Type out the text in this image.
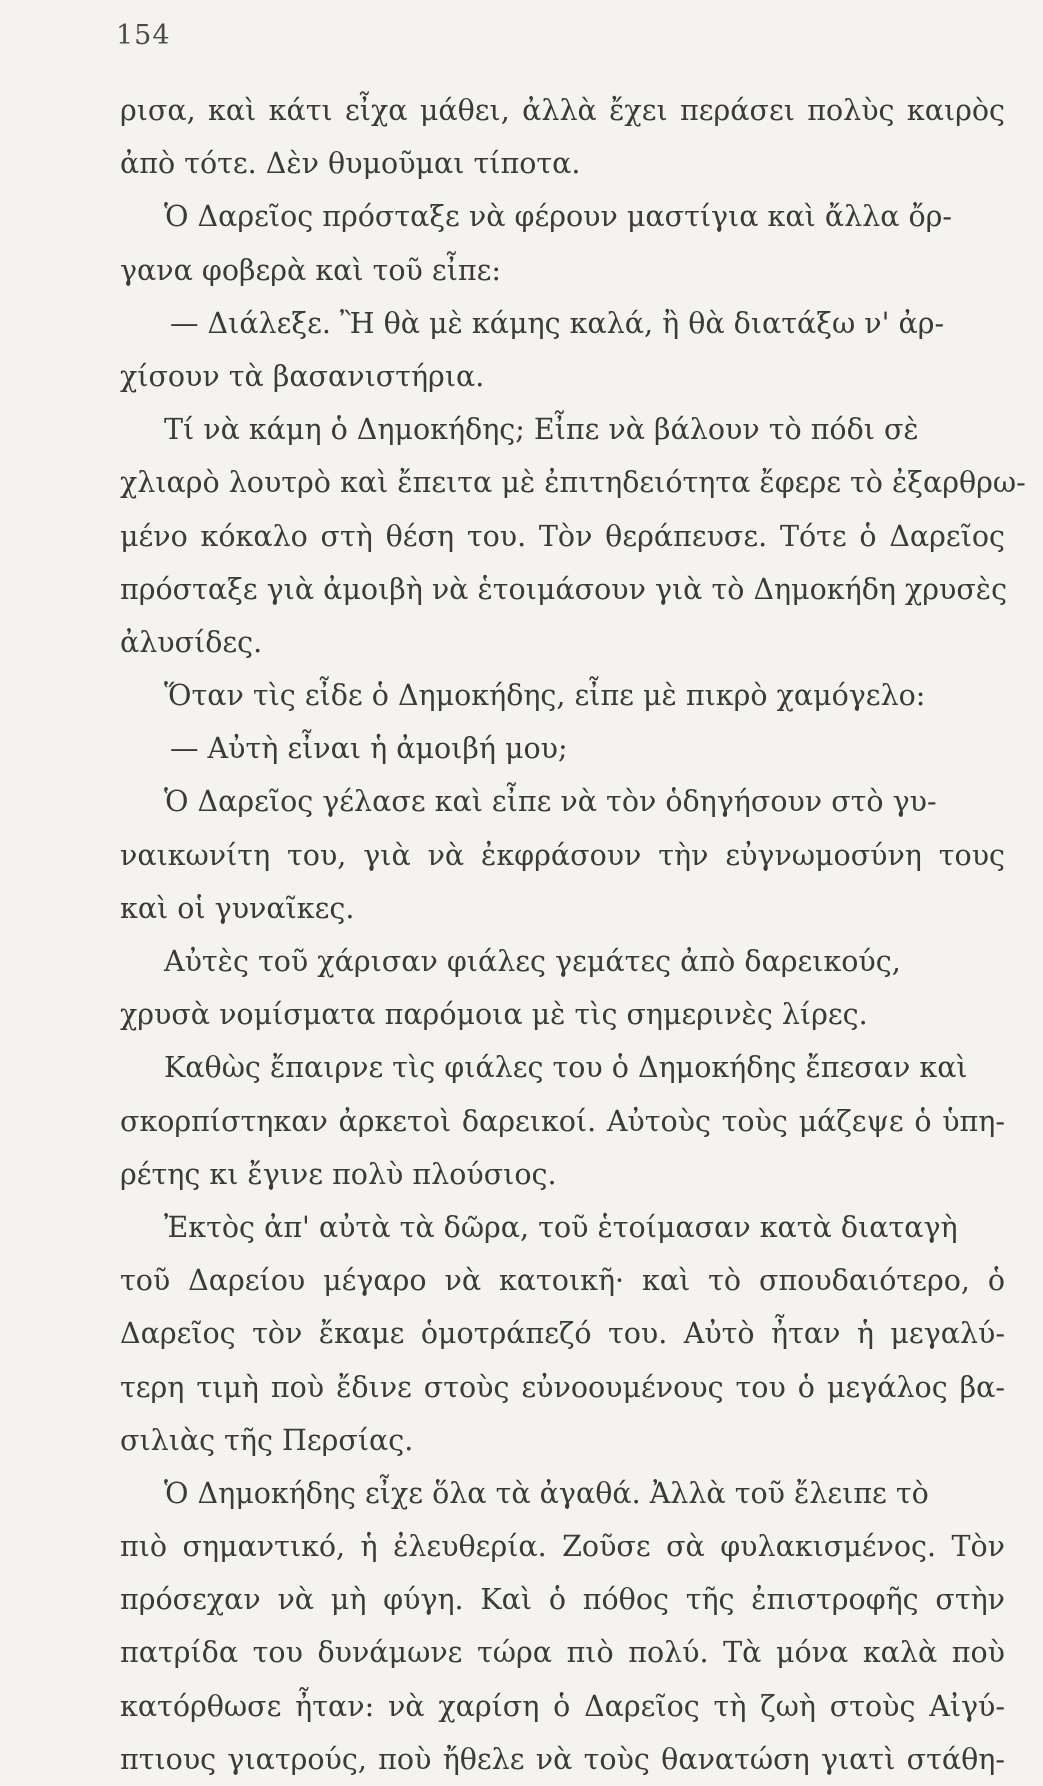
154
ρισα, καὶ κάτι εἶχα μάθει, ἀλλὰ ἔχει περάσει πολὺς καιρὸς
ἀπὸ τότε. Δὲν θυμοῦμαι τίποτα.
Ὁ Δαρεῖος πρόσταξε νὰ φέρουν μαστίγια καὶ ἄλλα ὄρ-
γανα φοβερὰ καὶ τοῦ εἶπε:
— Διάλεξε. Ἢ θὰ μὲ κάμης καλά, ἢ θὰ διατάξω ν' ἀρ-
χίσουν τὰ βασανιστήρια.
Τί νὰ κάμη ὁ Δημοκήδης; Εἶπε νὰ βάλουν τὸ πόδι σὲ
χλιαρὸ λουτρὸ καὶ ἔπειτα μὲ ἐπιτηδειότητα ἔφερε τὸ ἐξαρθρω-
μένο κόκαλο στὴ θέση του. Τὸν θεράπευσε. Τότε ὁ Δαρεῖος
πρόσταξε γιὰ ἀμοιβὴ νὰ ἑτοιμάσουν γιὰ τὸ Δημοκήδη χρυσὲς
ἀλυσίδες.
Ὅταν τὶς εἶδε ὁ Δημοκήδης, εἶπε μὲ πικρὸ χαμόγελο:
— Αὐτὴ εἶναι ἡ ἀμοιβή μου;
Ὁ Δαρεῖος γέλασε καὶ εἶπε νὰ τὸν ὁδηγήσουν στὸ γυ-
ναικωνίτη του, γιὰ νὰ ἐκφράσουν τὴν εὐγνωμοσύνη τους
καὶ οἱ γυναῖκες.
Αὐτὲς τοῦ χάρισαν φιάλες γεμάτες ἀπὸ δαρεικούς,
χρυσὰ νομίσματα παρόμοια μὲ τὶς σημερινὲς λίρες.
Καθὼς ἔπαιρνε τὶς φιάλες του ὁ Δημοκήδης ἔπεσαν καὶ
σκορπίστηκαν ἀρκετοὶ δαρεικοί. Αὐτοὺς τοὺς μάζεψε ὁ ὑπη-
ρέτης κι ἔγινε πολὺ πλούσιος.
Ἐκτὸς ἀπ' αὐτὰ τὰ δῶρα, τοῦ ἑτοίμασαν κατὰ διαταγὴ
τοῦ Δαρείου μέγαρο νὰ κατοικῆ· καὶ τὸ σπουδαιότερο, ὁ
Δαρεῖος τὸν ἔκαμε ὁμοτράπεζό του. Αὐτὸ ἦταν ἡ μεγαλύ-
τερη τιμὴ ποὺ ἔδινε στοὺς εὐνοουμένους του ὁ μεγάλος βα-
σιλιὰς τῆς Περσίας.
Ὁ Δημοκήδης εἶχε ὅλα τὰ ἀγαθά. Ἀλλὰ τοῦ ἔλειπε τὸ
πιὸ σημαντικό, ἡ ἐλευθερία. Ζοῦσε σὰ φυλακισμένος. Τὸν
πρόσεχαν νὰ μὴ φύγη. Καὶ ὁ πόθος τῆς ἐπιστροφῆς στὴν
πατρίδα του δυνάμωνε τώρα πιὸ πολύ. Τὰ μόνα καλὰ ποὺ
κατόρθωσε ἦταν: νὰ χαρίση ὁ Δαρεῖος τὴ ζωὴ στοὺς Αἰγύ-
πτιους γιατρούς, ποὺ ἤθελε νὰ τοὺς θανατώση γιατὶ στάθη-
